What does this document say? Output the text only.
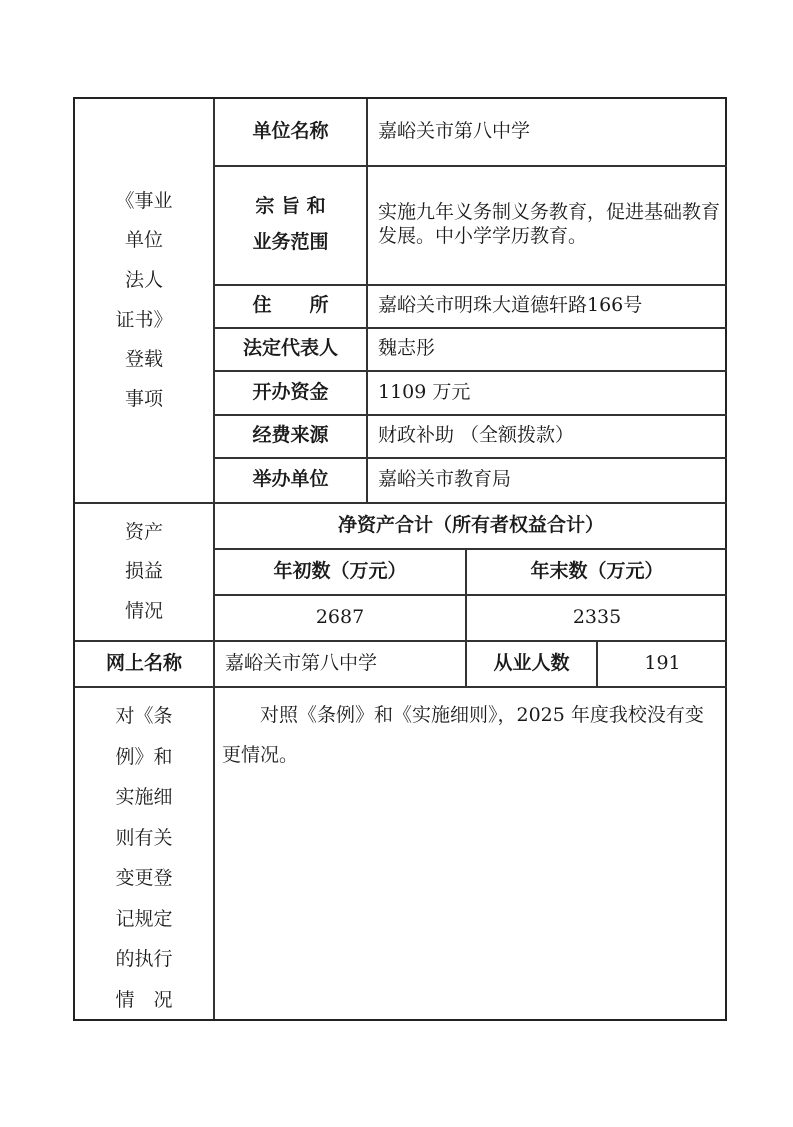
《事业
单位
法人
证书》
登载
事项
单位名称	嘉峪关市第八中学
宗 旨 和
业务范围
实施九年义务制义务教育，促进基础教育发展。中小学学历教育。
住　　所	嘉峪关市明珠大道德轩路166号
法定代表人	魏志彤
开办资金	1109 万元
经费来源	财政补助 （全额拨款）
举办单位	嘉峪关市教育局
资产
损益
情况
净资产合计（所有者权益合计）
年初数（万元）	年末数（万元）
2687	2335
网上名称	嘉峪关市第八中学	从业人数	191
对《条
例》和
实施细
则有关
变更登
记规定
的执行
情　况
对照《条例》和《实施细则》，2025 年度我校没有变更情况。
